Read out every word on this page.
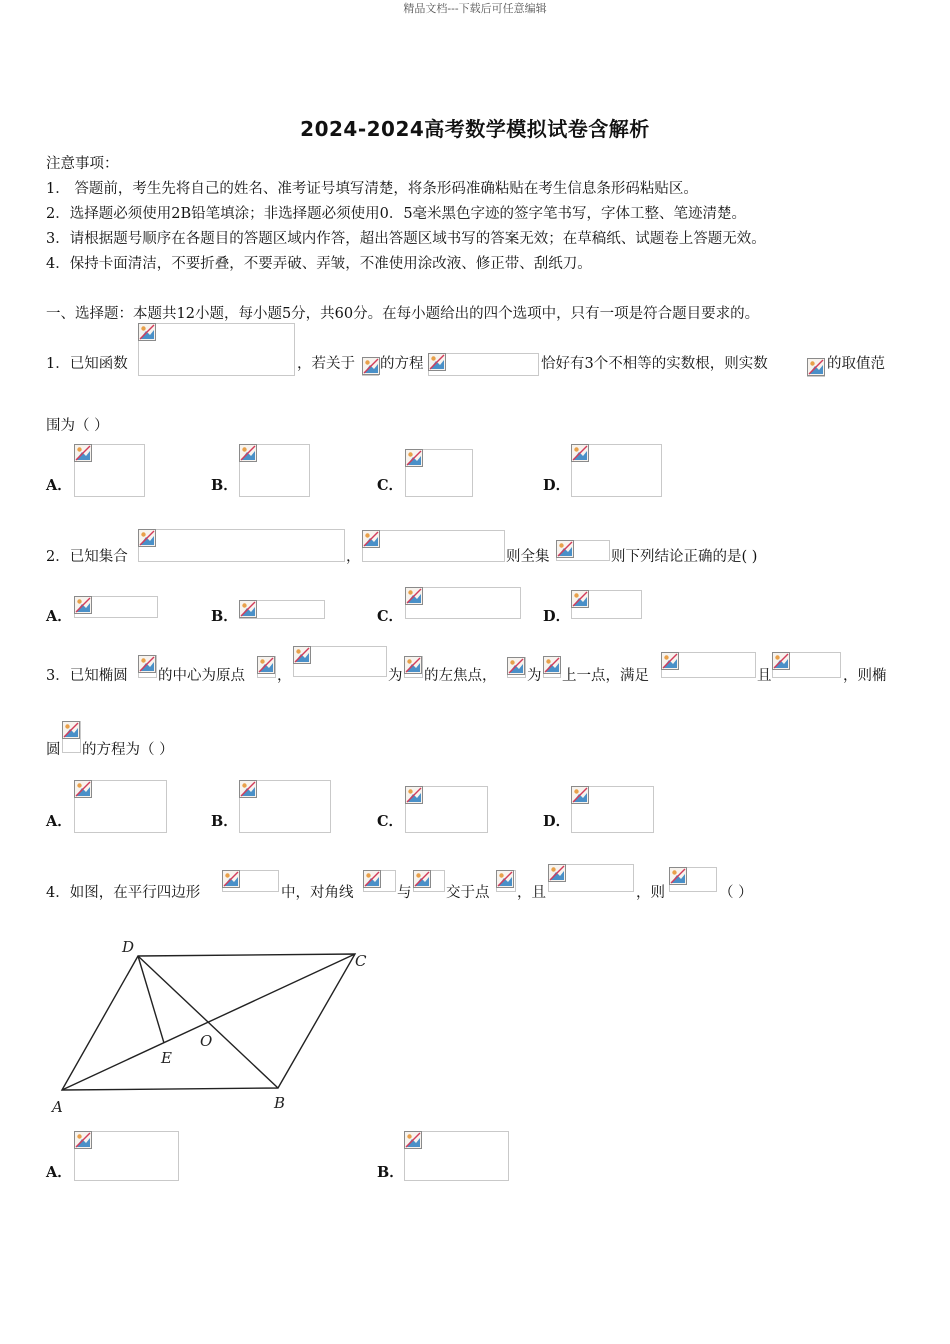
精品文档---下载后可任意编辑
2024-2024高考数学模拟试卷含解析
注意事项：
1． 答题前，考生先将自己的姓名、准考证号填写清楚，将条形码准确粘贴在考生信息条形码粘贴区。
2．选择题必须使用2B铅笔填涂；非选择题必须使用0．5毫米黑色字迹的签字笔书写，字体工整、笔迹清楚。
3．请根据题号顺序在各题目的答题区域内作答，超出答题区域书写的答案无效；在草稿纸、试题卷上答题无效。
4．保持卡面清洁，不要折叠，不要弄破、弄皱，不准使用涂改液、修正带、刮纸刀。
一、选择题：本题共12小题，每小题5分，共60分。在每小题给出的四个选项中，只有一项是符合题目要求的。
1．已知函数	，若关于 的方程	恰好有3个不相等的实数根，则实数	的取值范
围为（ ）
A．	B．	C．	D．
2．已知集合	，	则全集	则下列结论正确的是( )
A．	B．	C．	D．
3．已知椭圆 的中心为原点 ，	为 的左焦点， 为 上一点，满足	且	，则椭
圆 的方程为（ ）
A．	B．	C．	D．
4．如图，在平行四边形	中，对角线	与 交于点 ，且	，则	（ ）
D
C
A	B
E
O
A．	B．
